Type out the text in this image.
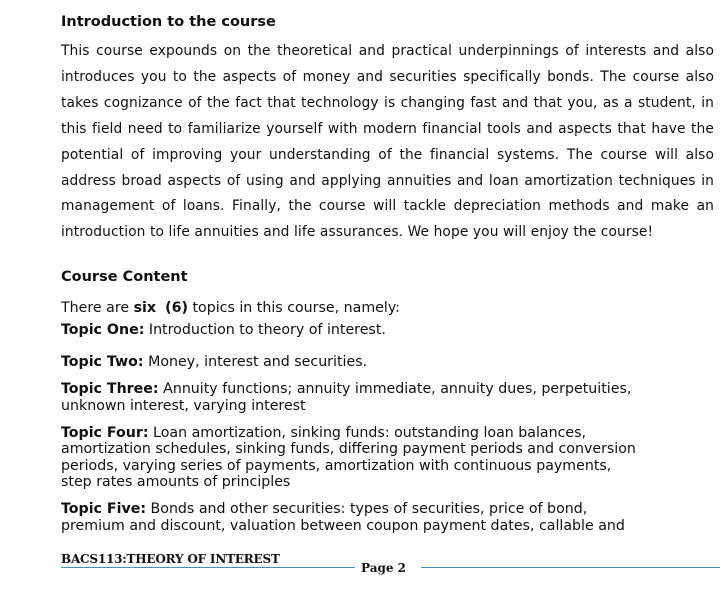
Introduction to the course

This course expounds on the theoretical and practical underpinnings of interests and also introduces you to the aspects of money and securities specifically bonds. The course also takes cognizance of the fact that technology is changing fast and that you, as a student, in this field need to familiarize yourself with modern financial tools and aspects that have the potential of improving your understanding of the financial systems. The course will also address broad aspects of using and applying annuities and loan amortization techniques in management of loans. Finally, the course will tackle depreciation methods and make an introduction to life annuities and life assurances. We hope you will enjoy the course!

Course Content

There are six (6) topics in this course, namely:

Topic One: Introduction to theory of interest.

Topic Two: Money, interest and securities.

Topic Three: Annuity functions; annuity immediate, annuity dues, perpetuities, unknown interest, varying interest

Topic Four: Loan amortization, sinking funds: outstanding loan balances, amortization schedules, sinking funds, differing payment periods and conversion periods, varying series of payments, amortization with continuous payments, step rates amounts of principles

Topic Five: Bonds and other securities: types of securities, price of bond, premium and discount, valuation between coupon payment dates, callable and

BACS113:THEORY OF INTEREST
Page 2
